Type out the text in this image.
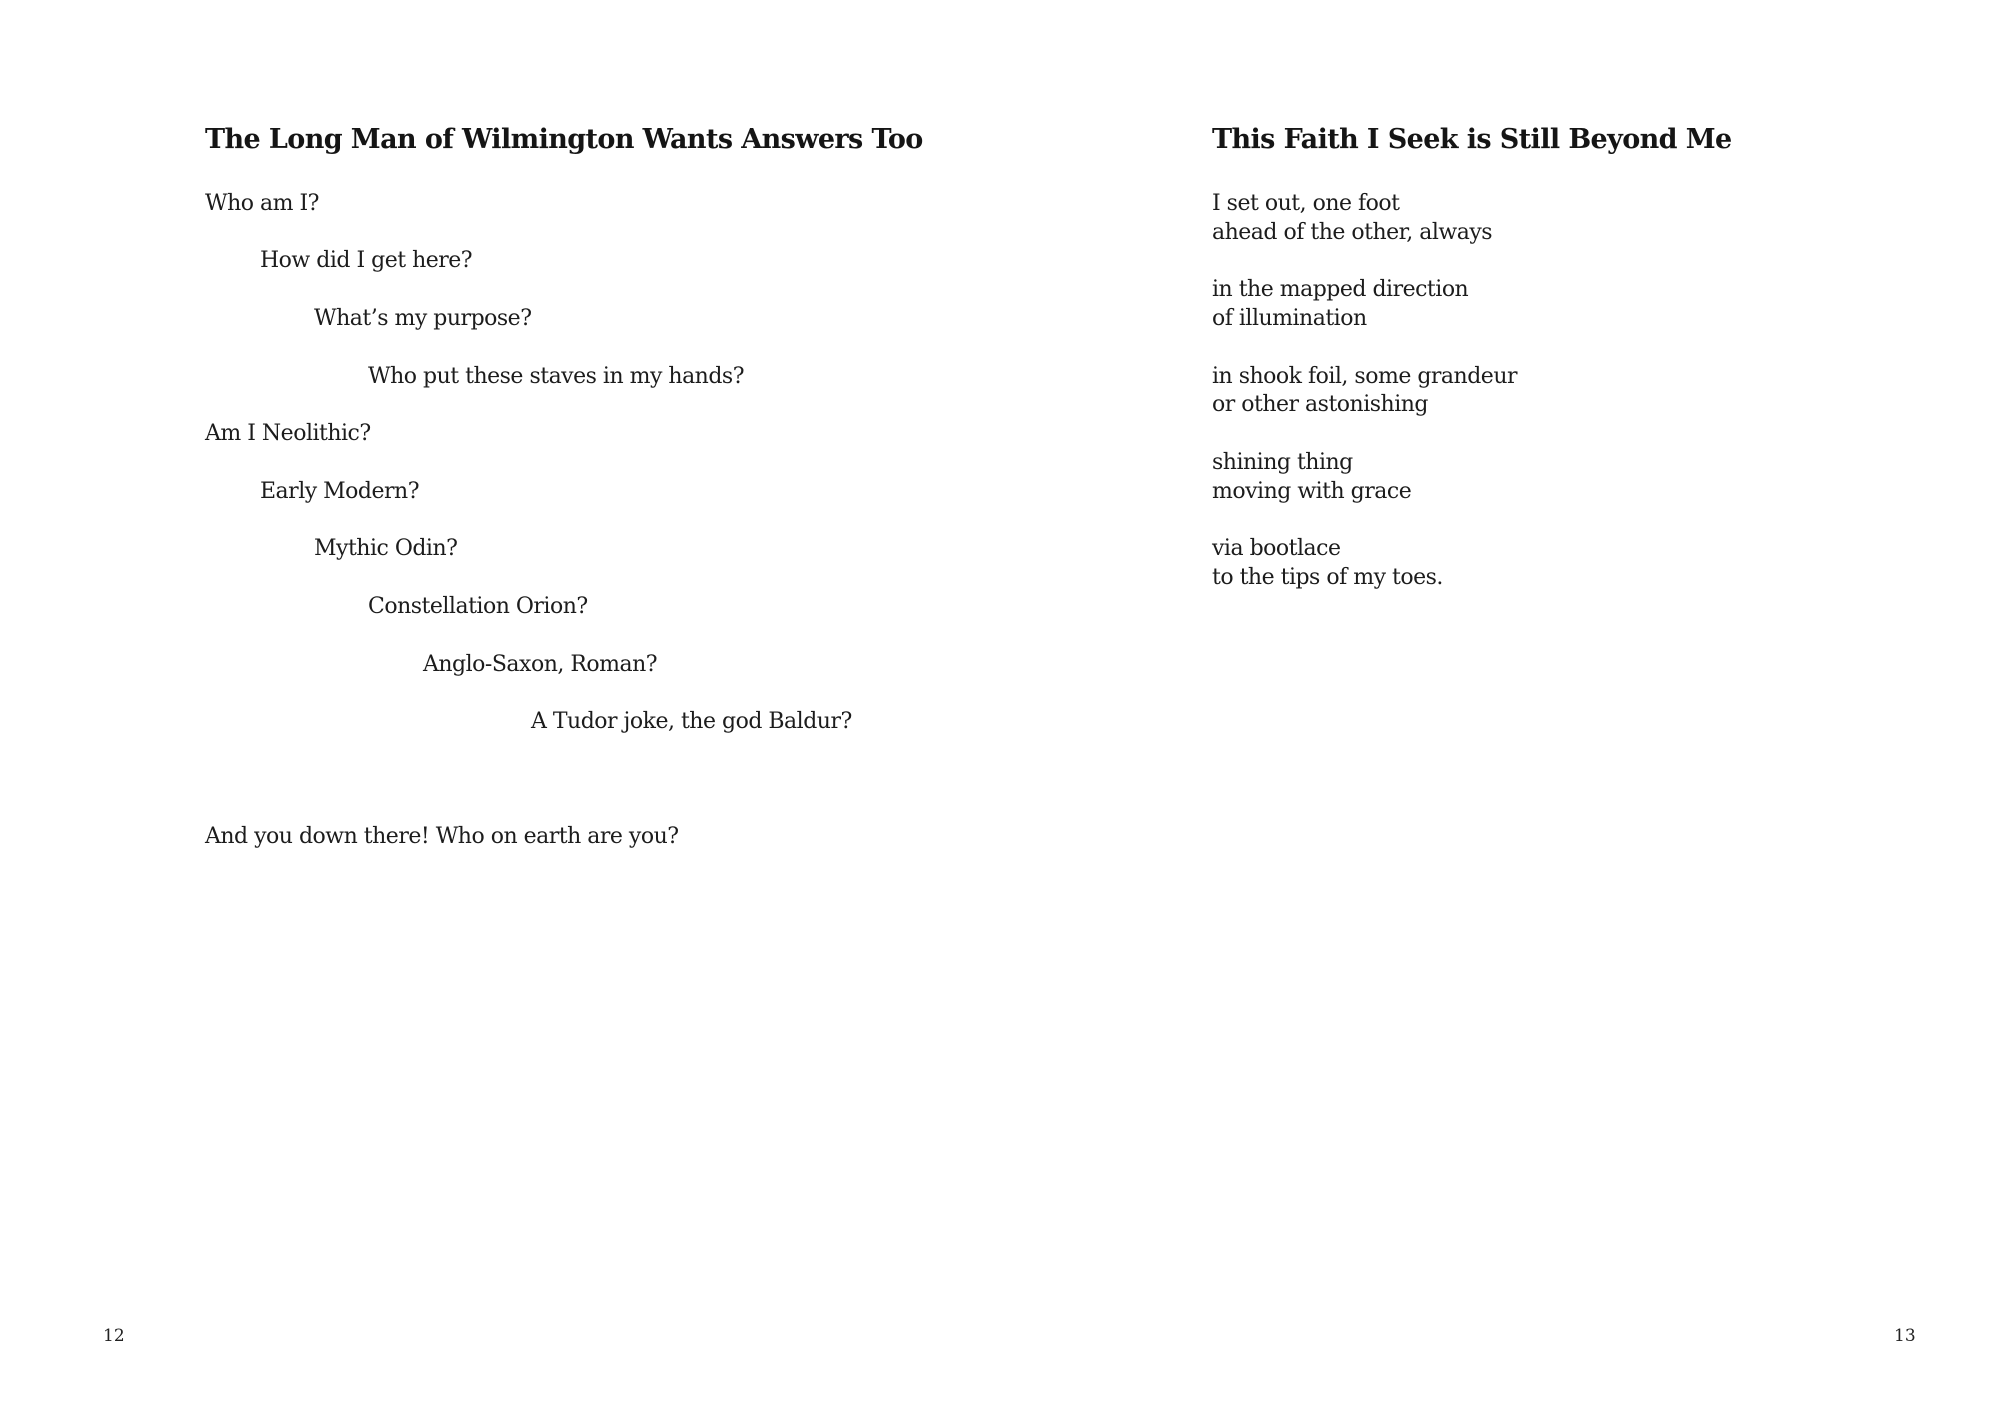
The Long Man of Wilmington Wants Answers Too
Who am I?
How did I get here?
What’s my purpose?
Who put these staves in my hands?
Am I Neolithic?
Early Modern?
Mythic Odin?
Constellation Orion?
Anglo-Saxon, Roman?
A Tudor joke, the god Baldur?
And you down there! Who on earth are you?
12
This Faith I Seek is Still Beyond Me
I set out, one foot
ahead of the other, always
in the mapped direction
of illumination
in shook foil, some grandeur
or other astonishing
shining thing
moving with grace
via bootlace
to the tips of my toes.
13
